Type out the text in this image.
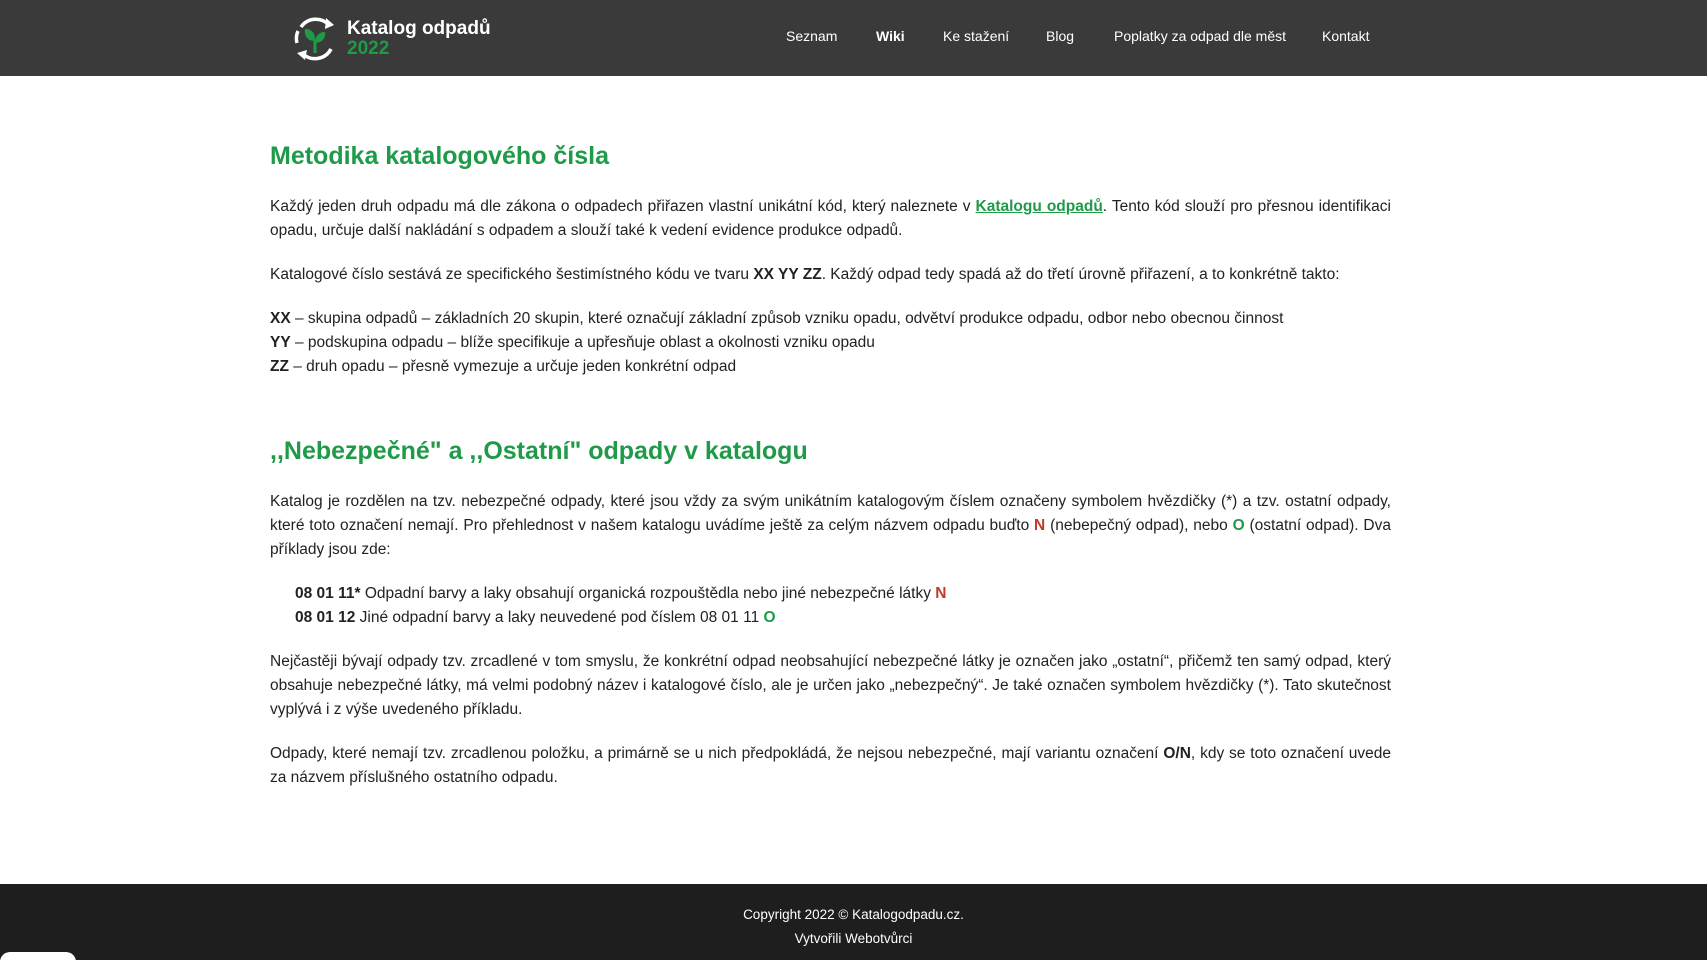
Katalog odpadů
2022
Seznam	Wiki	Ke stažení	Blog	Poplatky za odpad dle měst	Kontakt
Metodika katalogového čísla

Každý jeden druh odpadu má dle zákona o odpadech přiřazen vlastní unikátní kód, který naleznete v Katalogu odpadů. Tento kód slouží pro přesnou identifikaci opadu, určuje další nakládání s odpadem a slouží také k vedení evidence produkce odpadů.

Katalogové číslo sestává ze specifického šestimístného kódu ve tvaru XX YY ZZ. Každý odpad tedy spadá až do třetí úrovně přiřazení, a to konkrétně takto:

XX – skupina odpadů – základních 20 skupin, které označují základní způsob vzniku opadu, odvětví produkce odpadu, odbor nebo obecnou činnost
YY – podskupina odpadu – blíže specifikuje a upřesňuje oblast a okolnosti vzniku opadu
ZZ – druh opadu – přesně vymezuje a určuje jeden konkrétní odpad
,,Nebezpečné" a ,,Ostatní" odpady v katalogu

Katalog je rozdělen na tzv. nebezpečné odpady, které jsou vždy za svým unikátním katalogovým číslem označeny symbolem hvězdičky (*) a tzv. ostatní odpady, které toto označení nemají. Pro přehlednost v našem katalogu uvádíme ještě za celým názvem odpadu buďto N (nebepečný odpad), nebo O (ostatní odpad). Dva příklady jsou zde:

08 01 11* Odpadní barvy a laky obsahují organická rozpouštědla nebo jiné nebezpečné látky N
08 01 12 Jiné odpadní barvy a laky neuvedené pod číslem 08 01 11 O

Nejčastěji bývají odpady tzv. zrcadlené v tom smyslu, že konkrétní odpad neobsahující nebezpečné látky je označen jako „ostatní“, přičemž ten samý odpad, který obsahuje nebezpečné látky, má velmi podobný název i katalogové číslo, ale je určen jako „nebezpečný“. Je také označen symbolem hvězdičky (*). Tato skutečnost vyplývá i z výše uvedeného příkladu.

Odpady, které nemají tzv. zrcadlenou položku, a primárně se u nich předpokládá, že nejsou nebezpečné, mají variantu označení O/N, kdy se toto označení uvede za názvem příslušného ostatního odpadu.

Copyright 2022 © Katalogodpadu.cz.
Vytvořili Webotvůrci
